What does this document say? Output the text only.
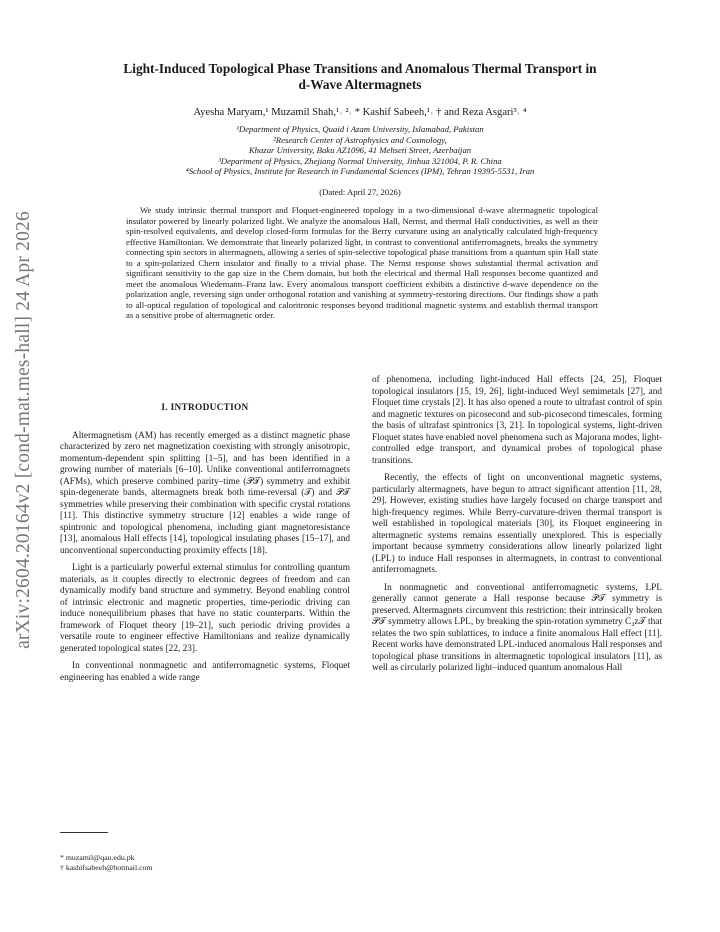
arXiv:2604.20164v2 [cond-mat.mes-hall] 24 Apr 2026
Light-Induced Topological Phase Transitions and Anomalous Thermal Transport in
d-Wave Altermagnets
Ayesha Maryam,¹ Muzamil Shah,¹˒ ²˒ * Kashif Sabeeh,¹˒ † and Reza Asgari³˒ ⁴
¹Department of Physics, Quaid i Azam University, Islamabad, Pakistan
²Research Center of Astrophysics and Cosmology,
Khazar University, Baku AZ1096, 41 Mehseti Street, Azerbaijan
³Department of Physics, Zhejiang Normal University, Jinhua 321004, P. R. China
⁴School of Physics, Institute for Research in Fundamental Sciences (IPM), Tehran 19395-5531, Iran
(Dated: April 27, 2026)
We study intrinsic thermal transport and Floquet-engineered topology in a two-dimensional d-wave altermagnetic topological insulator powered by linearly polarized light. We analyze the anomalous Hall, Nernst, and thermal Hall conductivities, as well as their spin-resolved equivalents, and develop closed-form formulas for the Berry curvature using an analytically calculated high-frequency effective Hamiltonian. We demonstrate that linearly polarized light, in contrast to conventional antiferromagnets, breaks the symmetry connecting spin sectors in altermagnets, allowing a series of spin-selective topological phase transitions from a quantum spin Hall state to a spin-polarized Chern insulator and finally to a trivial phase. The Nernst response shows substantial thermal activation and significant sensitivity to the gap size in the Chern domain, but both the electrical and thermal Hall responses become quantized and meet the anomalous Wiedemann–Franz law. Every anomalous transport coefficient exhibits a distinctive d-wave dependence on the polarization angle, reversing sign under orthogonal rotation and vanishing at symmetry-restoring directions. Our findings show a path to all-optical regulation of topological and caloritronic responses beyond traditional magnetic systems and establish thermal transport as a sensitive probe of altermagnetic order.
I. INTRODUCTION

Altermagnetism (AM) has recently emerged as a distinct magnetic phase characterized by zero net magnetization coexisting with strongly anisotropic, momentum-dependent spin splitting [1–5], and has been identified in a growing number of materials [6–10]. Unlike conventional antiferromagnets (AFMs), which preserve combined parity–time (𝒫𝒯) symmetry and exhibit spin-degenerate bands, altermagnets break both time-reversal (𝒯) and 𝒫𝒯 symmetries while preserving their combination with specific crystal rotations [11]. This distinctive symmetry structure [12] enables a wide range of spintronic and topological phenomena, including giant magnetoresistance [13], anomalous Hall effects [14], topological insulating phases [15–17], and unconventional superconducting proximity effects [18].

Light is a particularly powerful external stimulus for controlling quantum materials, as it couples directly to electronic degrees of freedom and can dynamically modify band structure and symmetry. Beyond enabling control of intrinsic electronic and magnetic properties, time-periodic driving can induce nonequilibrium phases that have no static counterparts. Within the framework of Floquet theory [19–21], such periodic driving provides a versatile route to engineer effective Hamiltonians and realize dynamically generated topological states [22, 23].

In conventional nonmagnetic and antiferromagnetic systems, Floquet engineering has enabled a wide range

of phenomena, including light-induced Hall effects [24, 25], Floquet topological insulators [15, 19, 26], light-induced Weyl semimetals [27], and Floquet time crystals [2]. It has also opened a route to ultrafast control of spin and magnetic textures on picosecond and sub-picosecond timescales, forming the basis of ultrafast spintronics [3, 21]. In topological systems, light-driven Floquet states have enabled novel phenomena such as Majorana modes, light-controlled edge transport, and dynamical probes of topological phase transitions.

Recently, the effects of light on unconventional magnetic systems, particularly altermagnets, have begun to attract significant attention [11, 28, 29]. However, existing studies have largely focused on charge transport and high-frequency regimes. While Berry-curvature-driven thermal transport is well established in topological materials [30], its Floquet engineering in altermagnetic systems remains essentially unexplored. This is especially important because symmetry considerations allow linearly polarized light (LPL) to induce Hall responses in altermagnets, in contrast to conventional antiferromagnets.

In nonmagnetic and conventional antiferromagnetic systems, LPL generally cannot generate a Hall response because 𝒫𝒯 symmetry is preserved. Altermagnets circumvent this restriction: their intrinsically broken 𝒫𝒯 symmetry allows LPL, by breaking the spin-rotation symmetry C₄z𝒯 that relates the two spin sublattices, to induce a finite anomalous Hall effect [11]. Recent works have demonstrated LPL-induced anomalous Hall responses and topological phase transitions in altermagnetic topological insulators [11], as well as circularly polarized light–induced quantum anomalous Hall

* muzamil@qau.edu.pk
† kashifsabeeh@hotmail.com
